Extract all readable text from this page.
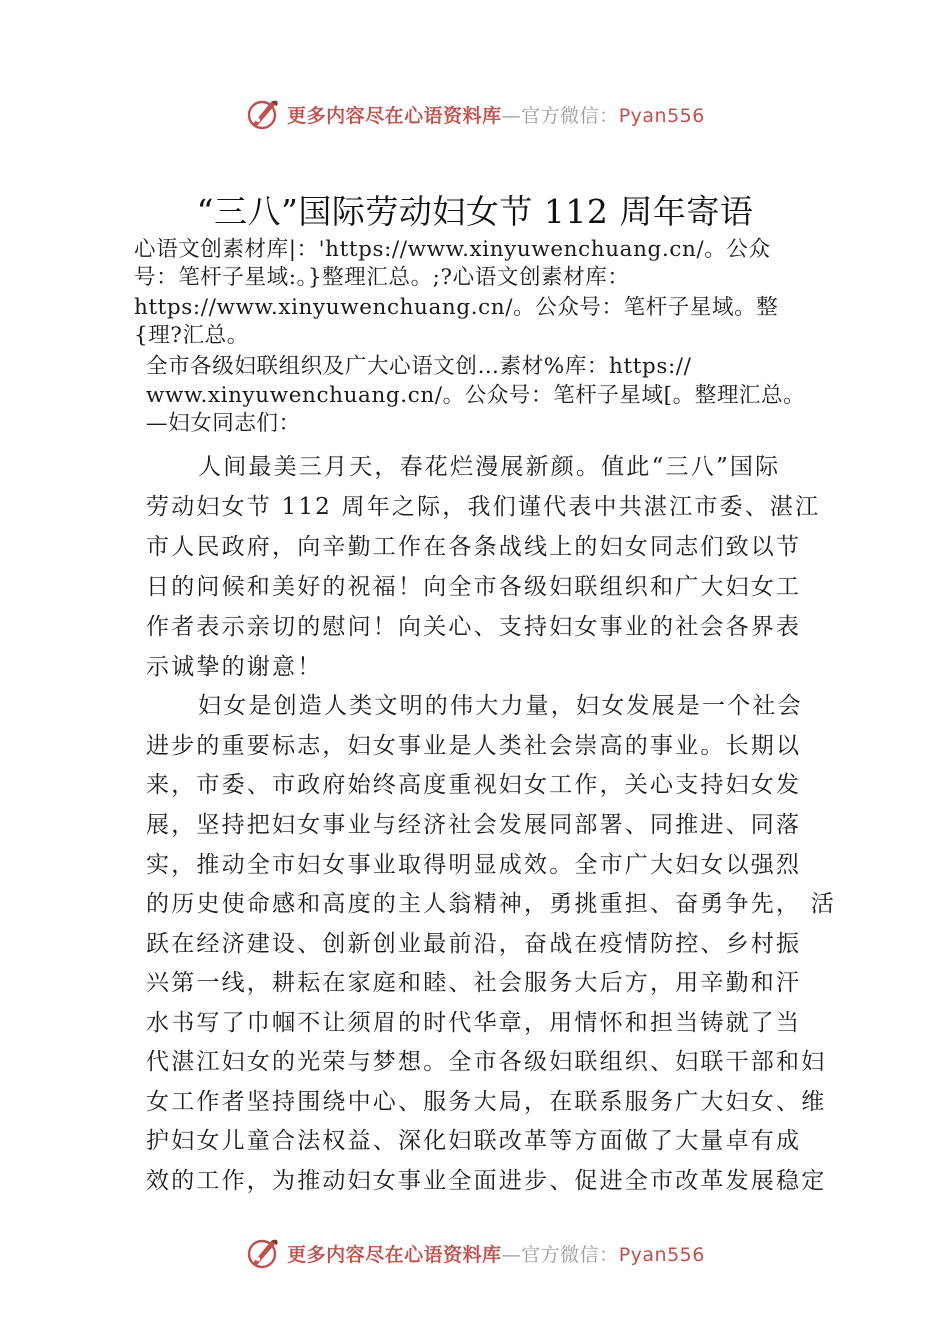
更多内容尽在心语资料库—官方微信：Pyan556
“三八”国际劳动妇女节 112 周年寄语
心语文创素材库|：'https://www.xinyuwenchuang.cn/。公众
号：笔杆子星域:。}整理汇总。;?心语文创素材库：
https://www.xinyuwenchuang.cn/。公众号：笔杆子星域。整
{理?汇总。
全市各级妇联组织及广大心语文创…素材%库：https://
www.xinyuwenchuang.cn/。公众号：笔杆子星域[。整理汇总。
—妇女同志们：
人间最美三月天，春花烂漫展新颜。值此“三八”国际
劳动妇女节 112 周年之际，我们谨代表中共湛江市委、湛江
市人民政府，向辛勤工作在各条战线上的妇女同志们致以节
日的问候和美好的祝福！向全市各级妇联组织和广大妇女工
作者表示亲切的慰问！向关心、支持妇女事业的社会各界表
示诚挚的谢意！
妇女是创造人类文明的伟大力量，妇女发展是一个社会
进步的重要标志，妇女事业是人类社会崇高的事业。长期以
来，市委、市政府始终高度重视妇女工作，关心支持妇女发
展，坚持把妇女事业与经济社会发展同部署、同推进、同落
实，推动全市妇女事业取得明显成效。全市广大妇女以强烈
的历史使命感和高度的主人翁精神，勇挑重担、奋勇争先， 活
跃在经济建设、创新创业最前沿，奋战在疫情防控、乡村振
兴第一线，耕耘在家庭和睦、社会服务大后方，用辛勤和汗
水书写了巾帼不让须眉的时代华章，用情怀和担当铸就了当
代湛江妇女的光荣与梦想。全市各级妇联组织、妇联干部和妇
女工作者坚持围绕中心、服务大局，在联系服务广大妇女、维
护妇女儿童合法权益、深化妇联改革等方面做了大量卓有成
效的工作，为推动妇女事业全面进步、促进全市改革发展稳定
更多内容尽在心语资料库—官方微信：Pyan556
